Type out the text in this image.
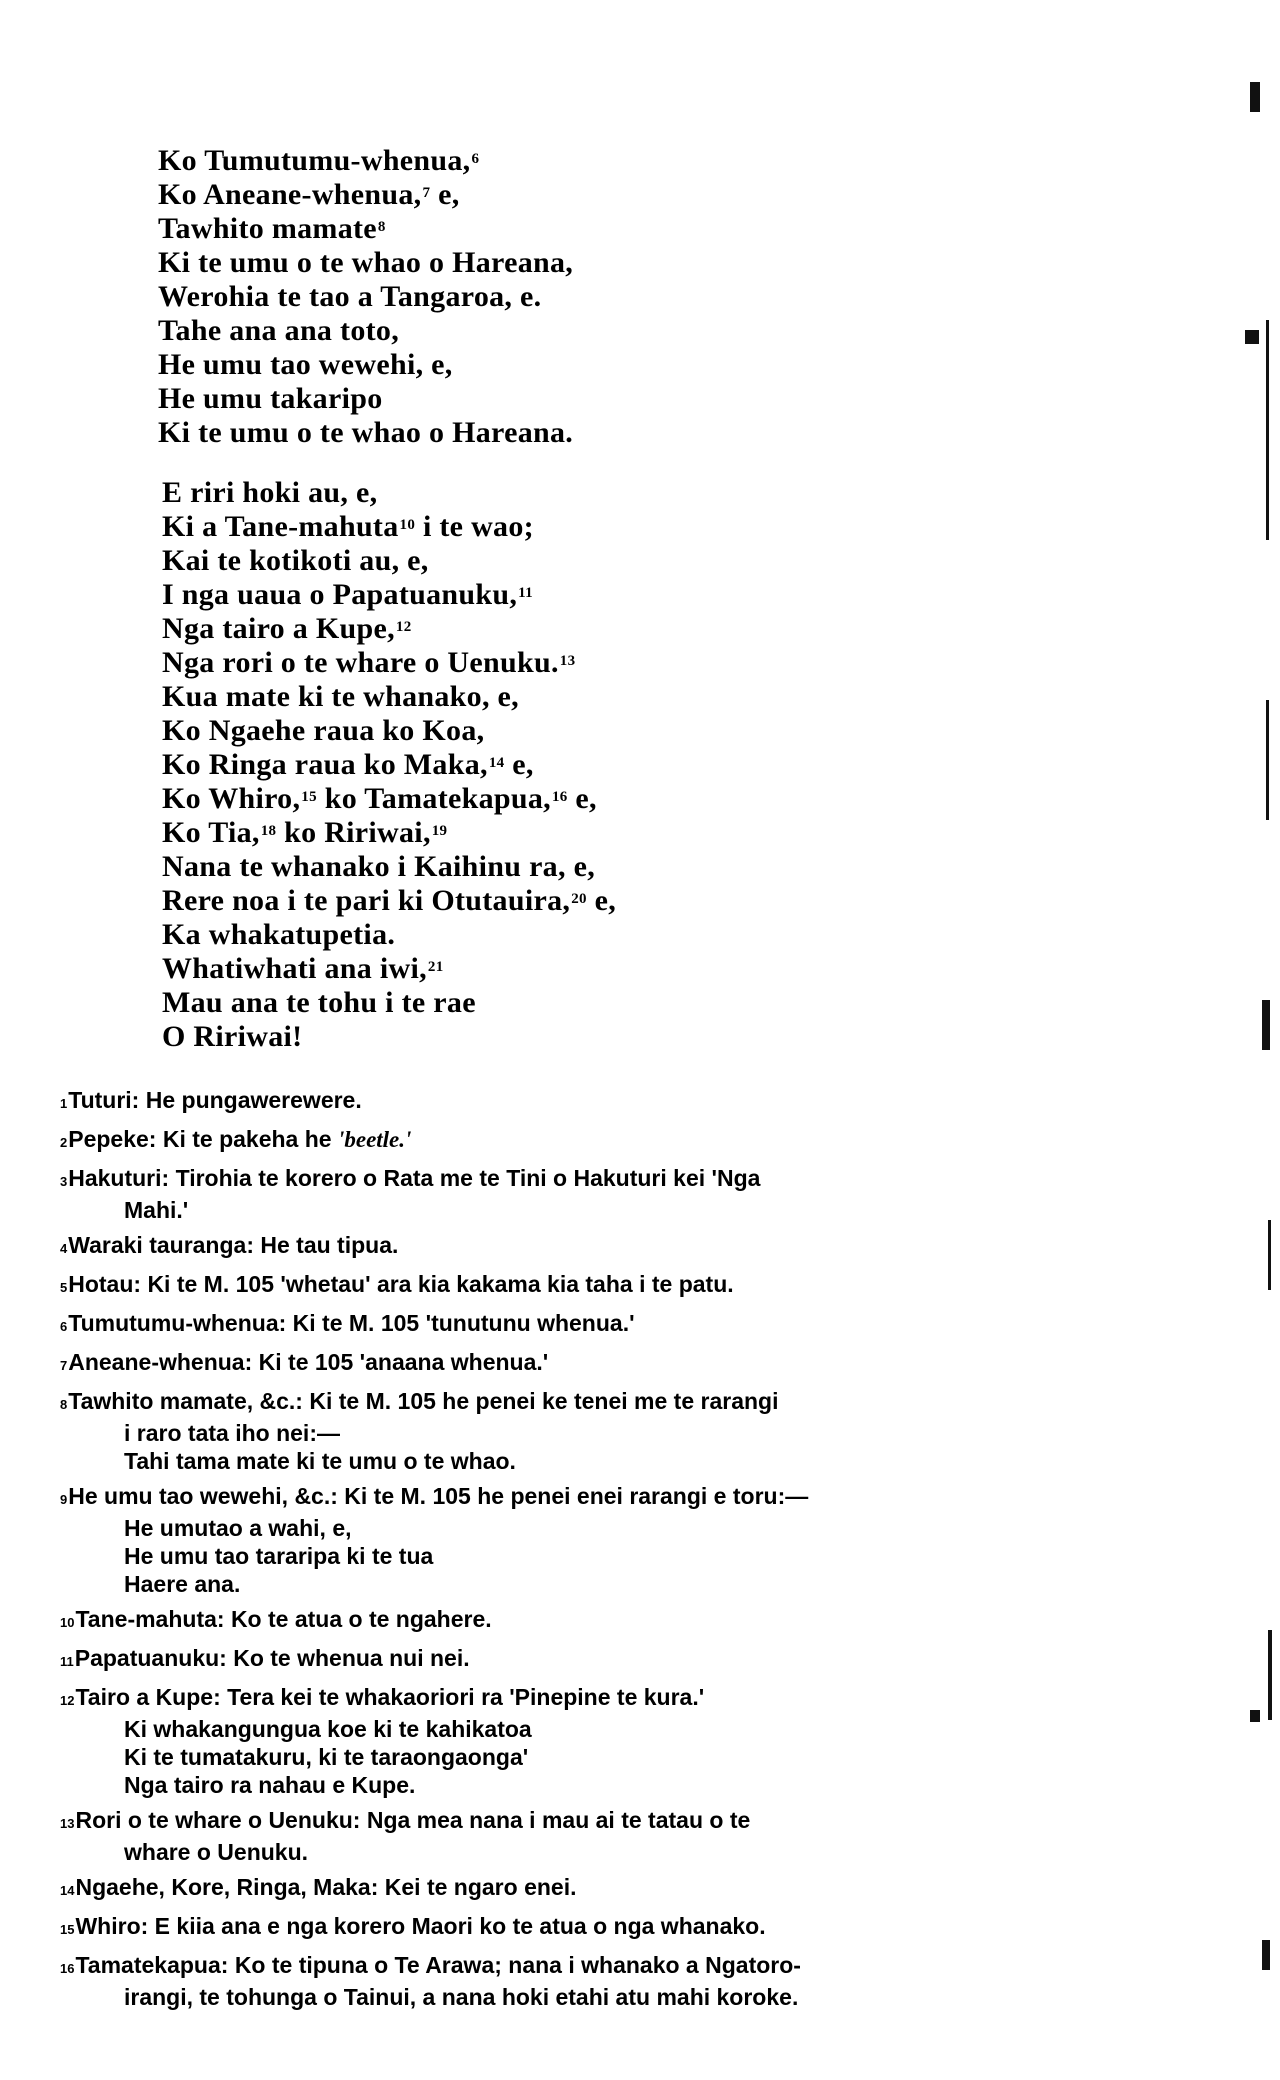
Ko Tumutumu-whenua,$^6$
Ko Aneane-whenua,$^7$ e,
Tawhito mamate$^8$
Ki te umu o te whao o Hareana,
Werohia te tao a Tangaroa, e.
Tahe ana ana toto,
He umu tao wewehi, e,
He umu takaripo
Ki te umu o te whao o Hareana.
E riri hoki au, e,
Ki a Tane-mahuta$^{10}$ i te wao;
Kai te kotikoti au, e,
I nga uaua o Papatuanuku,$^{11}$
Nga tairo a Kupe,$^{12}$
Nga rori o te whare o Uenuku.$^{13}$
Kua mate ki te whanako, e,
Ko Ngaehe raua ko Koa,
Ko Ringa raua ko Maka,$^{14}$ e,
Ko Whiro,$^{15}$ ko Tamatekapua,$^{16}$ e,
Ko Tia,$^{18}$ ko Ririwai,$^{19}$
Nana te whanako i Kaihinu ra, e,
Rere noa i te pari ki Otutauira,$^{20}$ e,
Ka whakatupetia.
Whatiwhati ana iwi,$^{21}$
Mau ana te tohu i te rae
O Ririwai!
1Tuturi: He pungawerewere.
2Pepeke: Ki te pakeha he 'beetle.'
3Hakuturi: Tirohia te korero o Rata me te Tini o Hakuturi kei 'Nga
Mahi.'
4Waraki tauranga: He tau tipua.
5Hotau: Ki te M. 105 'whetau' ara kia kakama kia taha i te patu.
6Tumutumu-whenua: Ki te M. 105 'tunutunu whenua.'
7Aneane-whenua: Ki te 105 'anaana whenua.'
8Tawhito mamate, &c.: Ki te M. 105 he penei ke tenei me te rarangi
i raro tata iho nei:—
Tahi tama mate ki te umu o te whao.
9He umu tao wewehi, &c.: Ki te M. 105 he penei enei rarangi e toru:—
He umutao a wahi, e,
He umu tao tararipa ki te tua
Haere ana.
10Tane-mahuta: Ko te atua o te ngahere.
11Papatuanuku: Ko te whenua nui nei.
12Tairo a Kupe: Tera kei te whakaoriori ra 'Pinepine te kura.'
Ki whakangungua koe ki te kahikatoa
Ki te tumatakuru, ki te taraongaonga'
Nga tairo ra nahau e Kupe.
13Rori o te whare o Uenuku: Nga mea nana i mau ai te tatau o te
whare o Uenuku.
14Ngaehe, Kore, Ringa, Maka: Kei te ngaro enei.
15Whiro: E kiia ana e nga korero Maori ko te atua o nga whanako.
16Tamatekapua: Ko te tipuna o Te Arawa; nana i whanako a Ngatoro-
irangi, te tohunga o Tainui, a nana hoki etahi atu mahi koroke.
